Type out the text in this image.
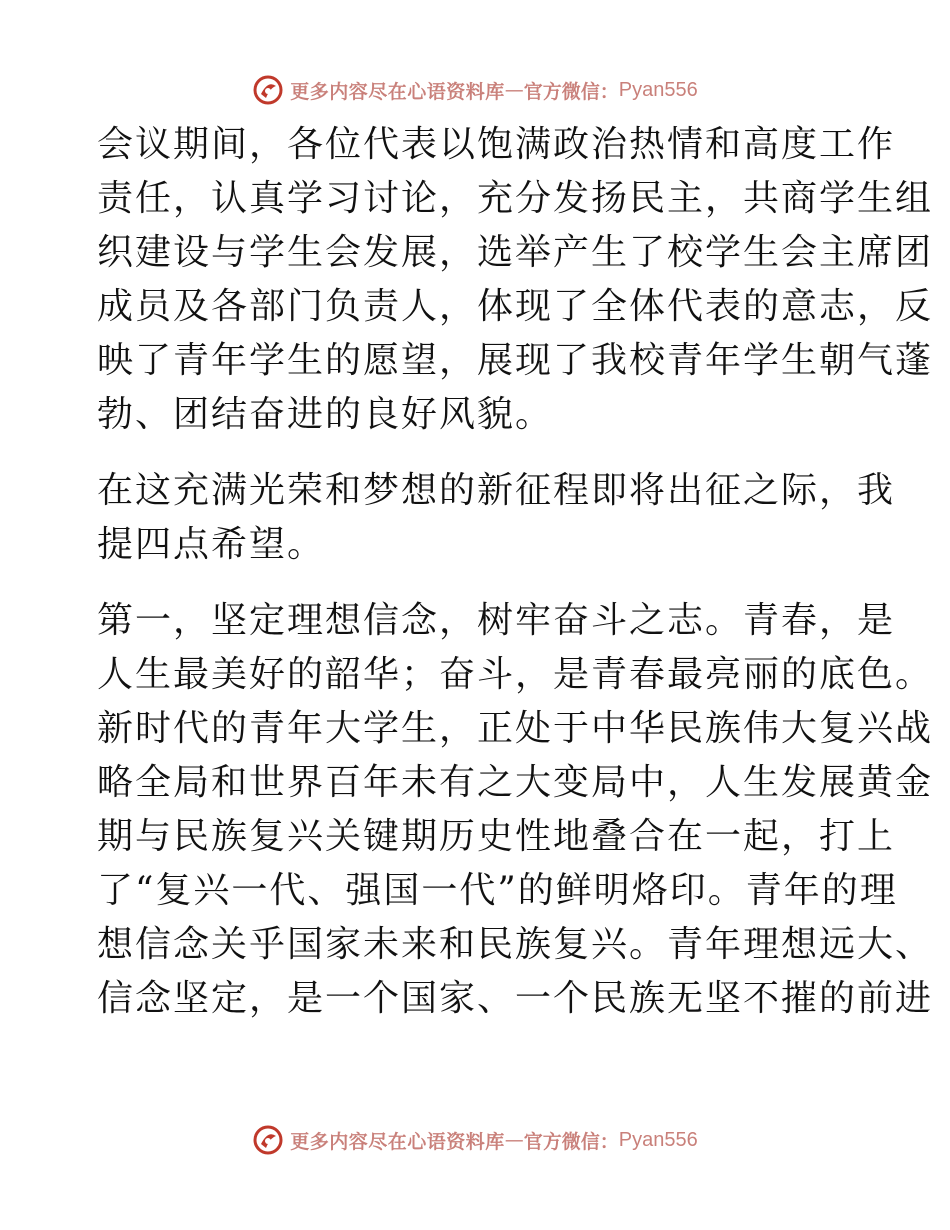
更多内容尽在心语资料库 — 官方微信： Pyan556
会议期间，各位代表以饱满政治热情和高度工作
责任，认真学习讨论，充分发扬民主，共商学生组
织建设与学生会发展，选举产生了校学生会主席团
成员及各部门负责人，体现了全体代表的意志，反
映了青年学生的愿望，展现了我校青年学生朝气蓬
勃、团结奋进的良好风貌。
在这充满光荣和梦想的新征程即将出征之际，我
提四点希望。
第一，坚定理想信念，树牢奋斗之志。青春，是
人生最美好的韶华；奋斗，是青春最亮丽的底色。
新时代的青年大学生，正处于中华民族伟大复兴战
略全局和世界百年未有之大变局中，人生发展黄金
期与民族复兴关键期历史性地叠合在一起，打上
了“复兴一代、强国一代”的鲜明烙印。青年的理
想信念关乎国家未来和民族复兴。青年理想远大、
信念坚定，是一个国家、一个民族无坚不摧的前进
更多内容尽在心语资料库 — 官方微信： Pyan556
